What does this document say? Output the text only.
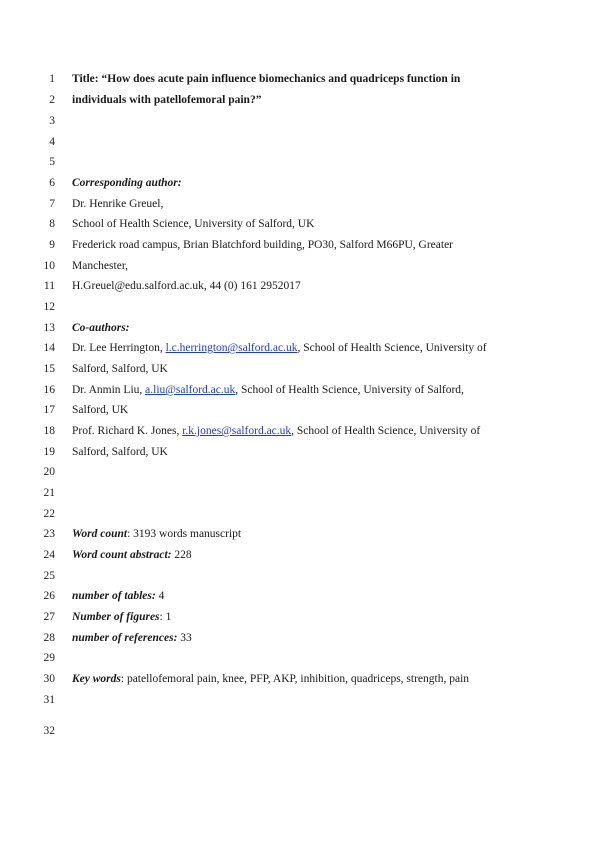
1 Title: “How does acute pain influence biomechanics and quadriceps function in
2 individuals with patellofemoral pain?”
3
4
5
6 Corresponding author:
7 Dr. Henrike Greuel,
8 School of Health Science, University of Salford, UK
9 Frederick road campus, Brian Blatchford building, PO30, Salford M66PU, Greater
10 Manchester,
11 H.Greuel@edu.salford.ac.uk, 44 (0) 161 2952017
12
13 Co-authors:
14 Dr. Lee Herrington, l.c.herrington@salford.ac.uk, School of Health Science, University of
15 Salford, Salford, UK
16 Dr. Anmin Liu, a.liu@salford.ac.uk, School of Health Science, University of Salford,
17 Salford, UK
18 Prof. Richard K. Jones, r.k.jones@salford.ac.uk, School of Health Science, University of
19 Salford, Salford, UK
20
21
22
23 Word count: 3193 words manuscript
24 Word count abstract: 228
25
26 number of tables: 4
27 Number of figures: 1
28 number of references: 33
29
30 Key words: patellofemoral pain, knee, PFP, AKP, inhibition, quadriceps, strength, pain
31
32
